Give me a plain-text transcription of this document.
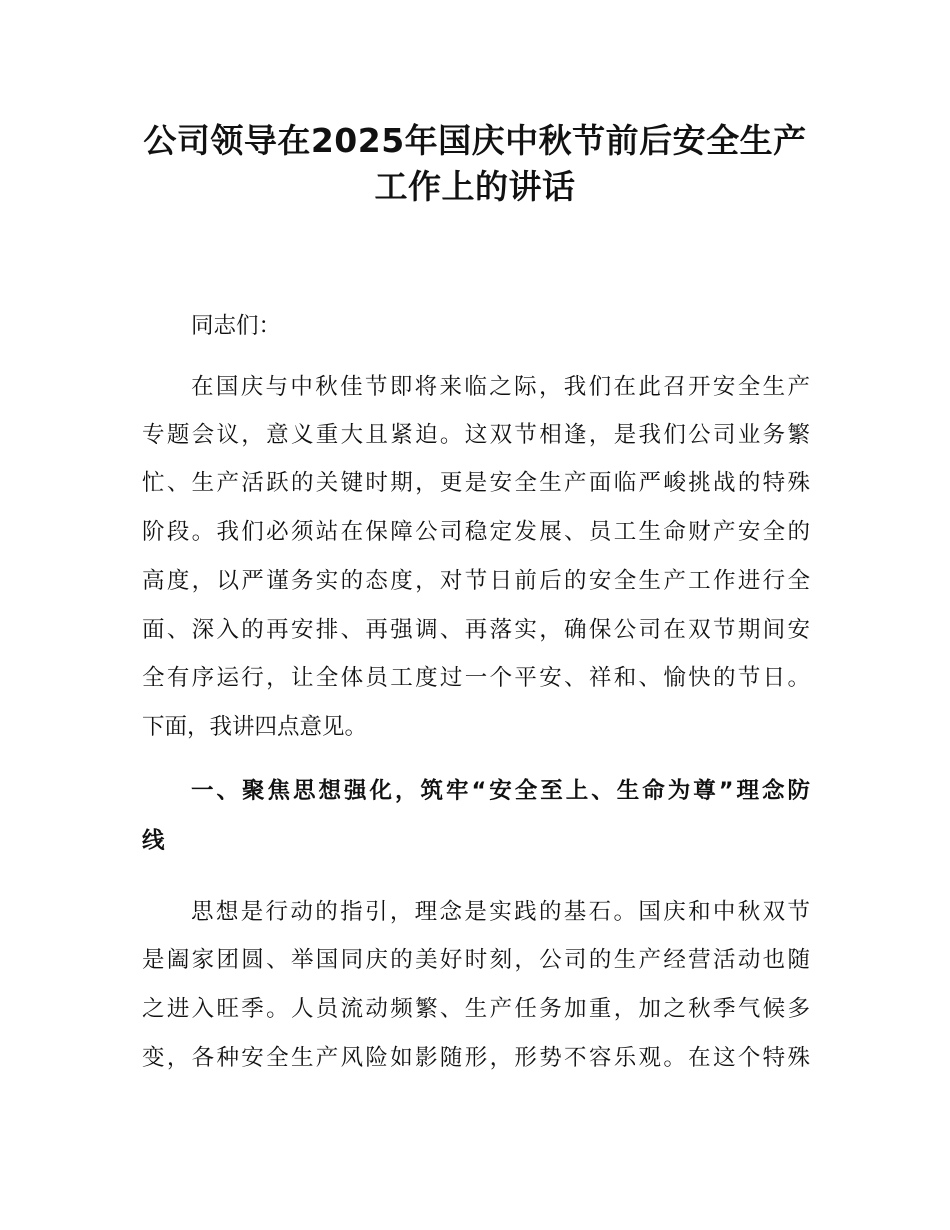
公司领导在2025年国庆中秋节前后安全生产
工作上的讲话

同志们：

在国庆与中秋佳节即将来临之际，我们在此召开安全生产

专题会议，意义重大且紧迫。这双节相逢，是我们公司业务繁

忙、生产活跃的关键时期，更是安全生产面临严峻挑战的特殊

阶段。我们必须站在保障公司稳定发展、员工生命财产安全的

高度，以严谨务实的态度，对节日前后的安全生产工作进行全

面、深入的再安排、再强调、再落实，确保公司在双节期间安

全有序运行，让全体员工度过一个平安、祥和、愉快的节日。

下面，我讲四点意见。

一、聚焦思想强化，筑牢“安全至上、生命为尊”理念防

线

思想是行动的指引，理念是实践的基石。国庆和中秋双节

是阖家团圆、举国同庆的美好时刻，公司的生产经营活动也随

之进入旺季。人员流动频繁、生产任务加重，加之秋季气候多

变，各种安全生产风险如影随形，形势不容乐观。在这个特殊
